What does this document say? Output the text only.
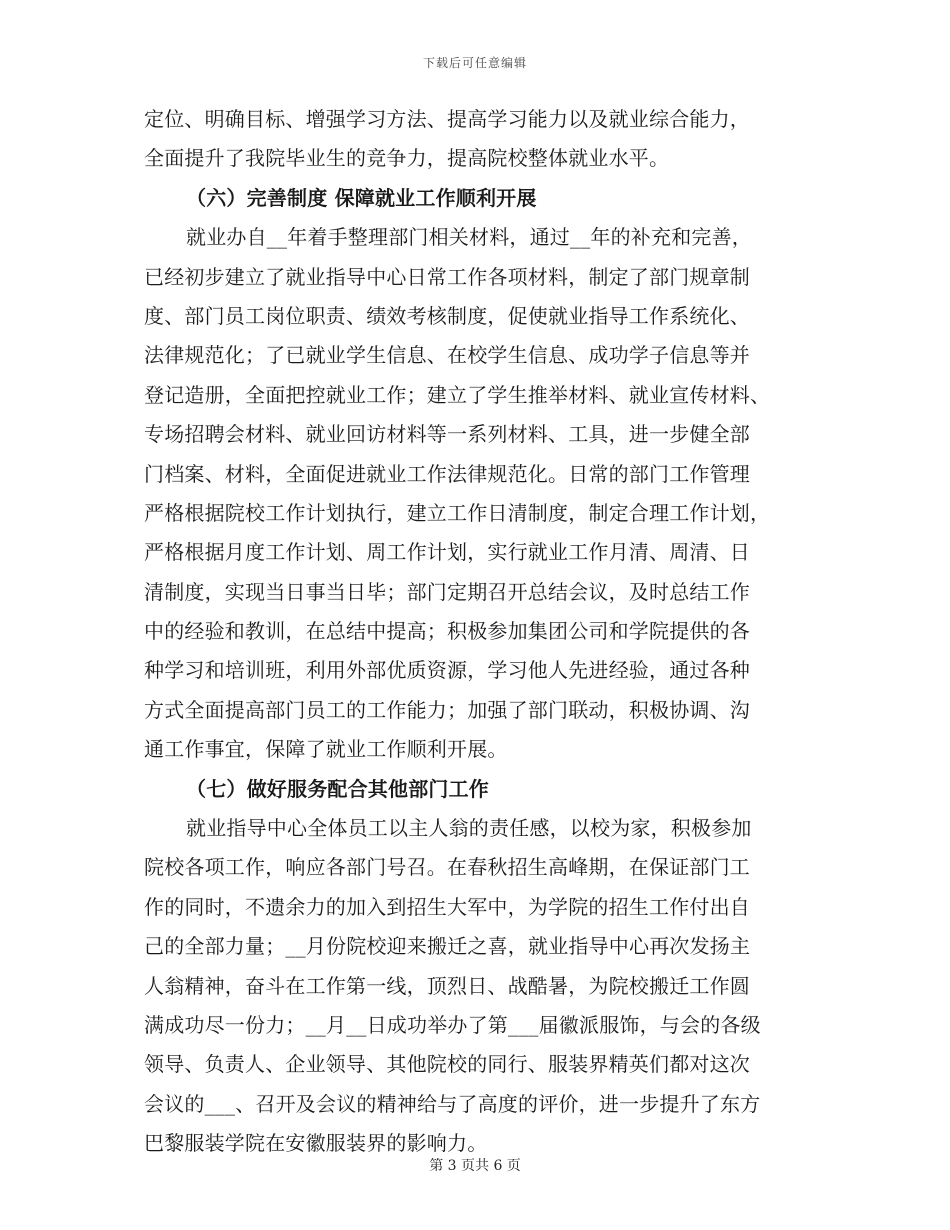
下载后可任意编辑
定位、明确目标、增强学习方法、提高学习能力以及就业综合能力，
全面提升了我院毕业生的竞争力，提高院校整体就业水平。
（六）完善制度 保障就业工作顺利开展
就业办自__年着手整理部门相关材料，通过__年的补充和完善，
已经初步建立了就业指导中心日常工作各项材料，制定了部门规章制
度、部门员工岗位职责、绩效考核制度，促使就业指导工作系统化、
法律规范化；了已就业学生信息、在校学生信息、成功学子信息等并
登记造册，全面把控就业工作；建立了学生推举材料、就业宣传材料、
专场招聘会材料、就业回访材料等一系列材料、工具，进一步健全部
门档案、材料，全面促进就业工作法律规范化。日常的部门工作管理
严格根据院校工作计划执行，建立工作日清制度，制定合理工作计划，
严格根据月度工作计划、周工作计划，实行就业工作月清、周清、日
清制度，实现当日事当日毕；部门定期召开总结会议，及时总结工作
中的经验和教训，在总结中提高；积极参加集团公司和学院提供的各
种学习和培训班，利用外部优质资源，学习他人先进经验，通过各种
方式全面提高部门员工的工作能力；加强了部门联动，积极协调、沟
通工作事宜，保障了就业工作顺利开展。
（七）做好服务配合其他部门工作
就业指导中心全体员工以主人翁的责任感，以校为家，积极参加
院校各项工作，响应各部门号召。在春秋招生高峰期，在保证部门工
作的同时，不遗余力的加入到招生大军中，为学院的招生工作付出自
己的全部力量；__月份院校迎来搬迁之喜，就业指导中心再次发扬主
人翁精神，奋斗在工作第一线，顶烈日、战酷暑，为院校搬迁工作圆
满成功尽一份力；__月__日成功举办了第___届徽派服饰，与会的各级
领导、负责人、企业领导、其他院校的同行、服装界精英们都对这次
会议的___、召开及会议的精神给与了高度的评价，进一步提升了东方
巴黎服装学院在安徽服装界的影响力。
第 3 页共 6 页
